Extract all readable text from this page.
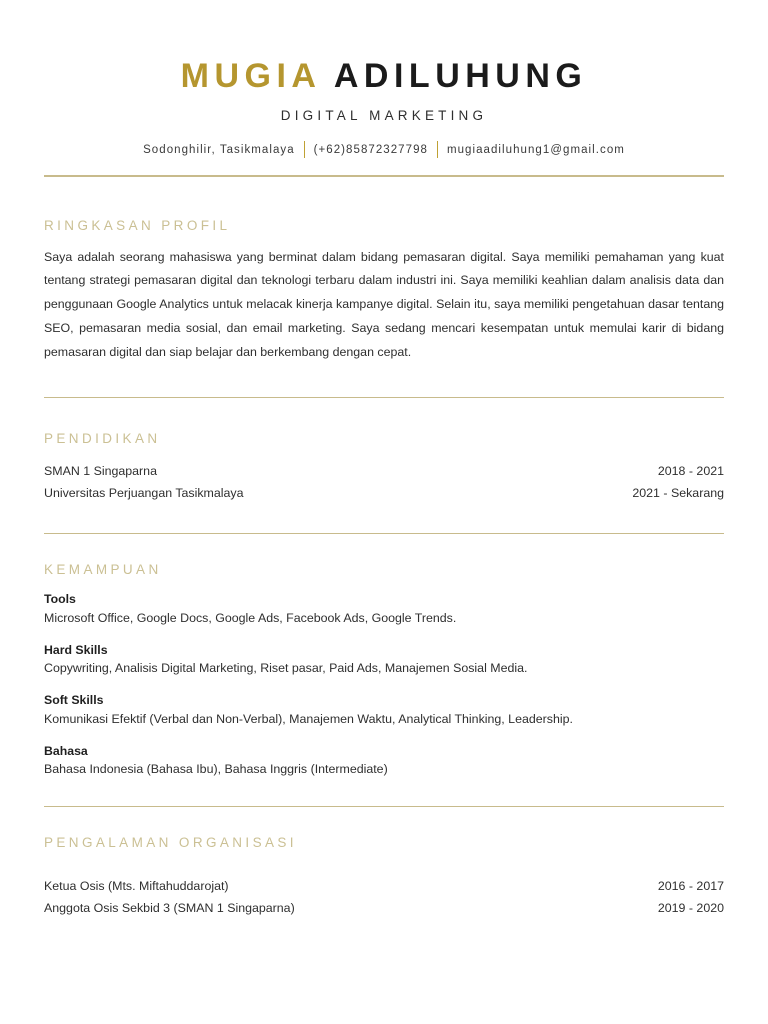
MUGIA ADILUHUNG
DIGITAL MARKETING
Sodonghilir, Tasikmalaya	(+62)85872327798	mugiaadiluhung1@gmail.com
RINGKASAN PROFIL
Saya adalah seorang mahasiswa yang berminat dalam bidang pemasaran digital. Saya memiliki pemahaman yang kuat tentang strategi pemasaran digital dan teknologi terbaru dalam industri ini. Saya memiliki keahlian dalam analisis data dan penggunaan Google Analytics untuk melacak kinerja kampanye digital. Selain itu, saya memiliki pengetahuan dasar tentang SEO, pemasaran media sosial, dan email marketing. Saya sedang mencari kesempatan untuk memulai karir di bidang pemasaran digital dan siap belajar dan berkembang dengan cepat.
PENDIDIKAN
SMAN 1 Singaparna	2018 - 2021
Universitas Perjuangan Tasikmalaya	2021 - Sekarang
KEMAMPUAN
Tools
Microsoft Office, Google Docs, Google Ads, Facebook Ads, Google Trends.
Hard Skills
Copywriting, Analisis Digital Marketing, Riset pasar, Paid Ads, Manajemen Sosial Media.
Soft Skills
Komunikasi Efektif (Verbal dan Non-Verbal), Manajemen Waktu, Analytical Thinking, Leadership.
Bahasa
Bahasa Indonesia (Bahasa Ibu), Bahasa Inggris (Intermediate)
PENGALAMAN ORGANISASI
Ketua Osis (Mts. Miftahuddarojat)	2016 - 2017
Anggota Osis Sekbid 3 (SMAN 1 Singaparna)	2019 - 2020
